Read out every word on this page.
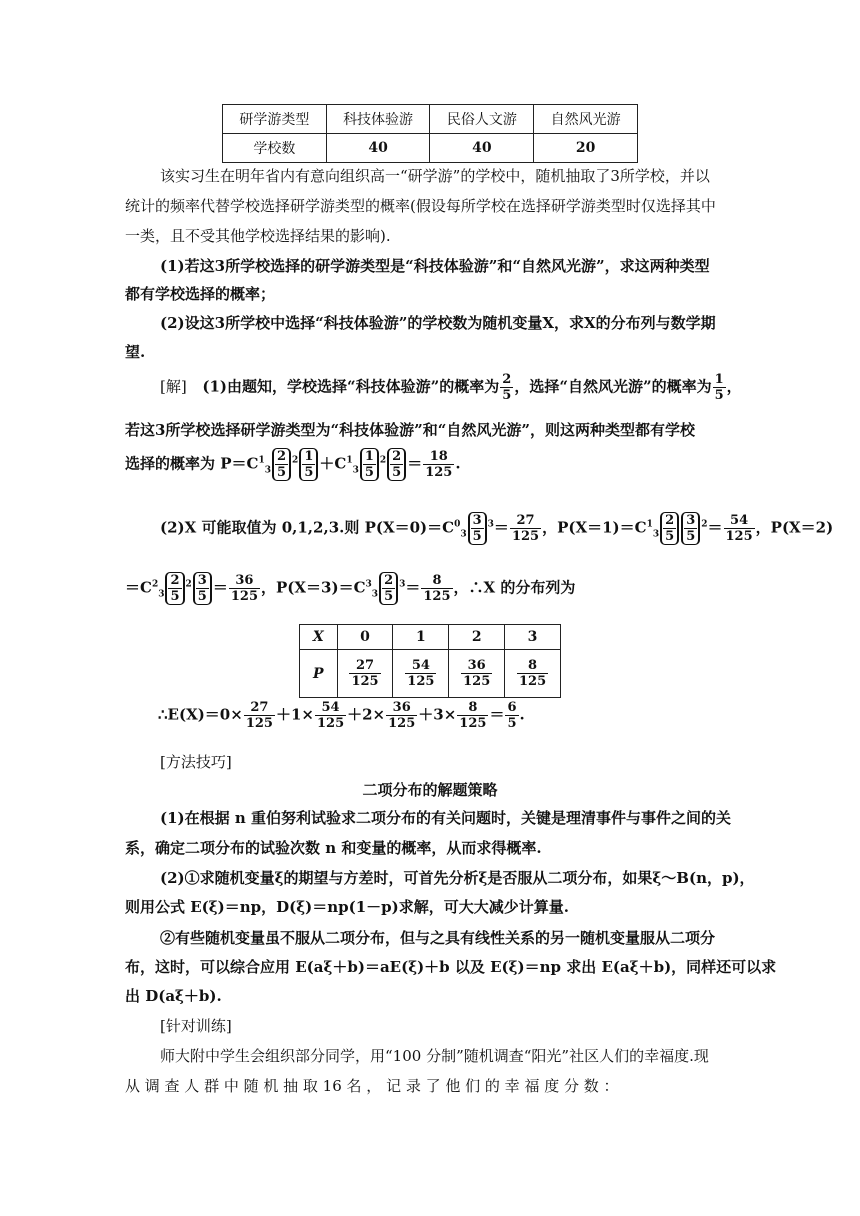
研学游类型	科技体验游	民俗人文游	自然风光游
学校数	40	40	20
该实习生在明年省内有意向组织高一“研学游”的学校中，随机抽取了3所学校，并以
统计的频率代替学校选择研学游类型的概率(假设每所学校在选择研学游类型时仅选择其中
一类，且不受其他学校选择结果的影响).
(1)若这3所学校选择的研学游类型是“科技体验游”和“自然风光游”，求这两种类型
都有学校选择的概率；
(2)设这3所学校中选择“科技体验游”的学校数为随机变量X，求X的分布列与数学期
望.
[解] (1)由题知，学校选择“科技体验游”的概率为 $\frac{2}{5}$ ，选择“自然风光游”的概率为 $\frac{1}{5}$ ，
若这3所学校选择研学游类型为“科技体验游”和“自然风光游”，则这两种类型都有学校
选择的概率为 $P=C^1_3 \frac{2}{5} ^2 \frac{1}{5} +C^1_3 \frac{1}{5} ^2 \frac{2}{5} = \frac{18}{125}$ .
(2)X 可能取值为 0,1,2,3.则 $P(X=0)=C^0_3 \frac{3}{5} ^3= \frac{27}{125}$ ，$P(X=1)=C^1_3 \frac{2}{5} \frac{3}{5} ^2= \frac{54}{125}$ ，P(X＝2)
$=C^2_3 \frac{2}{5} ^2 \frac{3}{5} = \frac{36}{125}$ ，$P(X=3)=C^3_3 \frac{2}{5} ^3= \frac{8}{125}$ ，∴X 的分布列为
X	0	1	2	3
P	$\frac{27}{125}$	$\frac{54}{125}$	$\frac{36}{125}$	$\frac{8}{125}$
∴E(X)＝0× $\frac{27}{125} +1\times \frac{54}{125} +2\times \frac{36}{125} +3\times \frac{8}{125} = \frac{6}{5}$ .
[方法技巧]
二项分布的解题策略
(1)在根据 n 重伯努利试验求二项分布的有关问题时，关键是理清事件与事件之间的关
系，确定二项分布的试验次数 n 和变量的概率，从而求得概率.
(2)①求随机变量ξ的期望与方差时，可首先分析ξ是否服从二项分布，如果ξ～B(n，p)，
则用公式 E(ξ)＝np，D(ξ)＝np(1－p)求解，可大大减少计算量.
②有些随机变量虽不服从二项分布，但与之具有线性关系的另一随机变量服从二项分
布，这时，可以综合应用 E(aξ＋b)＝aE(ξ)＋b 以及 E(ξ)＝np 求出 E(aξ＋b)，同样还可以求
出 D(aξ＋b).
[针对训练]
师大附中学生会组织部分同学，用“100 分制”随机调查“阳光”社区人们的幸福度.现
从 调 查 人 群 中 随 机 抽 取 16 名 ， 记 录 了 他 们 的 幸 福 度 分 数 ：
